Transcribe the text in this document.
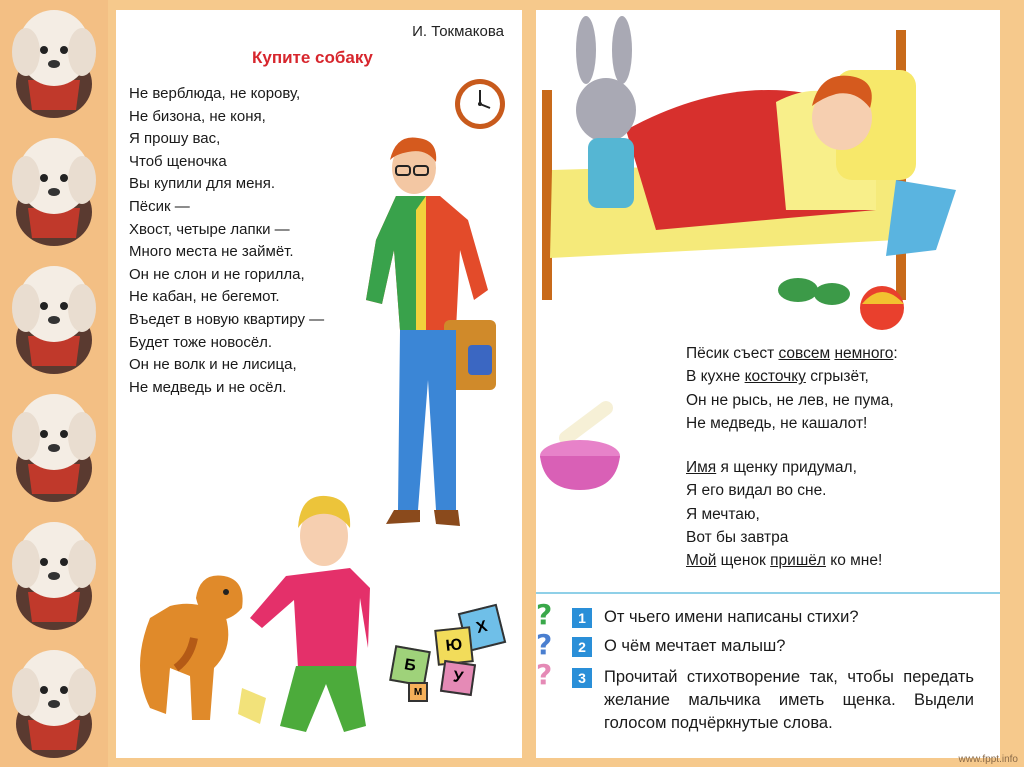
И. Токмакова
Купите собаку
Не верблюда, не корову,
Не бизона, не коня,
Я прошу вас,
Чтоб щеночка
Вы купили для меня.
Пёсик —
Хвост, четыре лапки —
Много места не займёт.
Он не слон и не горилла,
Не кабан, не бегемот.
Въедет в новую квартиру —
Будет тоже новосёл.
Он не волк и не лисица,
Не медведь и не осёл.
Пёсик съест совсем немного:
В кухне косточку сгрызёт,
Он не рысь, не лев, не пума,
Не медведь, не кашалот!
Имя я щенку придумал,
Я его видал во сне.
Я мечтаю,
Вот бы завтра
Мой щенок пришёл ко мне!
?
?
?
1	От чьего имени написаны стихи?
2	О чём мечтает малыш?
3	Прочитай стихотворение так, чтобы передать желание мальчика иметь щенка. Выдели голосом подчёркнутые слова.
Х
Б
Ю
У
М
www.fppt.info
